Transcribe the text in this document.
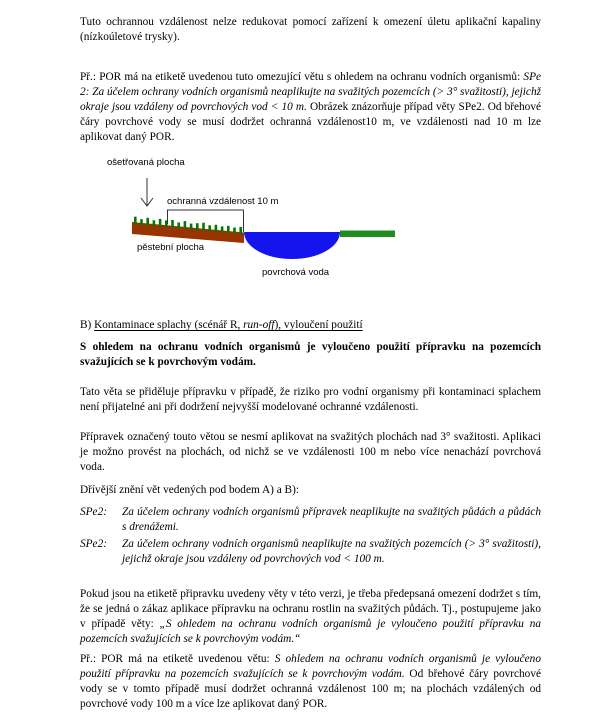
Tuto ochrannou vzdálenost nelze redukovat pomocí zařízení k omezení úletu aplikační kapaliny (nízkoúletové trysky).

Př.: POR má na etiketě uvedenou tuto omezující větu s ohledem na ochranu vodních organismů: SPe 2: Za účelem ochrany vodních organismů neaplikujte na svažitých pozemcích (> 3° svažitosti), jejichž okraje jsou vzdáleny od povrchových vod < 10 m. Obrázek znázorňuje případ věty SPe2. Od břehové čáry povrchové vody se musí dodržet ochranná vzdálenost10 m, ve vzdálenosti nad 10 m lze aplikovat daný POR.

ošetřovaná plocha
ochranná vzdálenost 10 m
pěstební plocha
povrchová voda

B) Kontaminace splachy (scénář R, run-off), vyloučení použití

S ohledem na ochranu vodních organismů je vyloučeno použití přípravku na pozemcích svažujících se k povrchovým vodám.

Tato věta se přiděluje přípravku v případě, že riziko pro vodní organismy při kontaminaci splachem není přijatelné ani při dodržení nejvyšší modelované ochranné vzdálenosti.

Přípravek označený touto větou se nesmí aplikovat na svažitých plochách nad 3° svažitosti. Aplikaci je možno provést na plochách, od nichž se ve vzdálenosti 100 m nebo více nenachází povrchová voda.

Dřívější znění vět vedených pod bodem A) a B):

SPe2: Za účelem ochrany vodních organismů přípravek neaplikujte na svažitých půdách a půdách s drenážemi.
SPe2: Za účelem ochrany vodních organismů neaplikujte na svažitých pozemcích (> 3° svažitosti), jejichž okraje jsou vzdáleny od povrchových vod < 100 m.

Pokud jsou na etiketě připravku uvedeny věty v této verzi, je třeba předepsaná omezení dodržet s tím, že se jedná o zákaz aplikace přípravku na ochranu rostlin na svažitých půdách. Tj., postupujeme jako v případě věty: „S ohledem na ochranu vodních organismů je vyloučeno použití přípravku na pozemcích svažujících se k povrchovým vodám.“

Př.: POR má na etiketě uvedenou větu: S ohledem na ochranu vodních organismů je vyloučeno použití přípravku na pozemcích svažujících se k povrchovým vodám. Od břehové čáry povrchové vody se v tomto případě musí dodržet ochranná vzdálenost 100 m; na plochách vzdálených od povrchové vody 100 m a více lze aplikovat daný POR.
